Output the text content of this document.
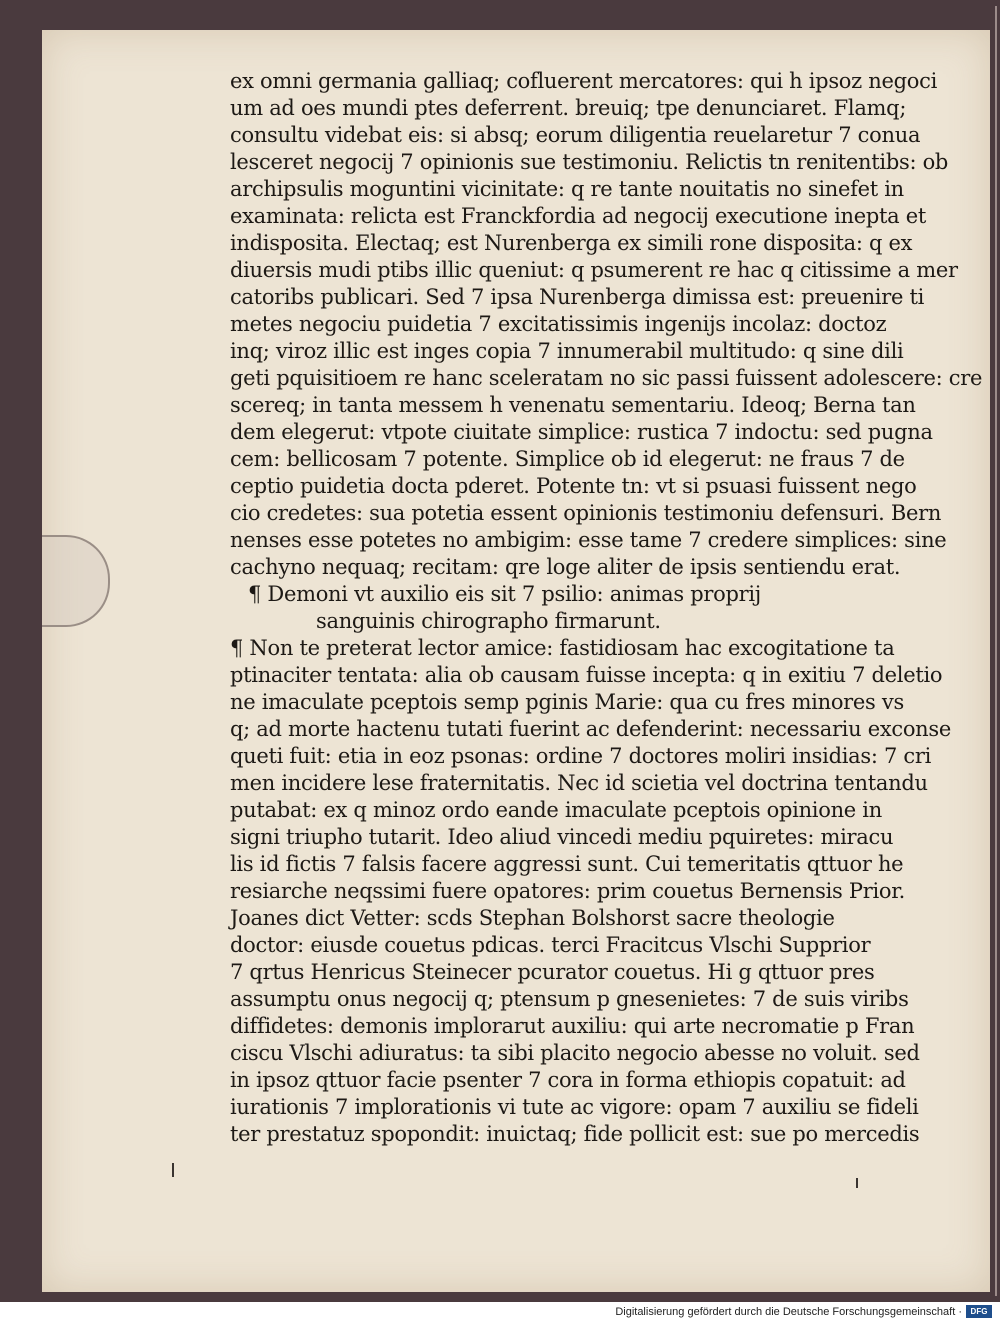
ex omni germania galliaq; cofluerent mercatores: qui h ipsoz negoci
um ad oes mundi ptes deferrent. breuiq; tpe denunciaret. Flamq;
consultu videbat eis: si absq; eorum diligentia reuelaretur 7 conua
lesceret negocij 7 opinionis sue testimoniu. Relictis tn renitentibs: ob
archipsulis moguntini vicinitate: q re tante nouitatis no sinefet in
examinata: relicta est Franckfordia ad negocij executione inepta et
indisposita. Electaq; est Nurenberga ex simili rone disposita: q ex
diuersis mudi ptibs illic queniut: q psumerent re hac q citissime a mer
catoribs publicari. Sed 7 ipsa Nurenberga dimissa est: preuenire ti
metes negociu puidetia 7 excitatissimis ingenijs incolaz: doctoz
inq; viroz illic est inges copia 7 innumerabil multitudo: q sine dili
geti pquisitioem re hanc sceleratam no sic passi fuissent adolescere: cre
scereq; in tanta messem h venenatu sementariu. Ideoq; Berna tan
dem elegerut: vtpote ciuitate simplice: rustica 7 indoctu: sed pugna
cem: bellicosam 7 potente. Simplice ob id elegerut: ne fraus 7 de
ceptio puidetia docta pderet. Potente tn: vt si psuasi fuissent nego
cio credetes: sua potetia essent opinionis testimoniu defensuri. Bern
nenses esse potetes no ambigim: esse tame 7 credere simplices: sine
cachyno nequaq; recitam: qre loge aliter de ipsis sentiendu erat.
¶ Demoni vt auxilio eis sit 7 psilio: animas proprij
sanguinis chirographo firmarunt.
¶ Non te preterat lector amice: fastidiosam hac excogitatione ta
ptinaciter tentata: alia ob causam fuisse incepta: q in exitiu 7 deletio
ne imaculate pceptois semp pginis Marie: qua cu fres minores vs
q; ad morte hactenu tutati fuerint ac defenderint: necessariu exconse
queti fuit: etia in eoz psonas: ordine 7 doctores moliri insidias: 7 cri
men incidere lese fraternitatis. Nec id scietia vel doctrina tentandu
putabat: ex q minoz ordo eande imaculate pceptois opinione in
signi triupho tutarit. Ideo aliud vincedi mediu pquiretes: miracu
lis id fictis 7 falsis facere aggressi sunt. Cui temeritatis qttuor he
resiarche neqssimi fuere opatores: prim couetus Bernensis Prior.
Joanes dict Vetter: scds Stephan Bolshorst sacre theologie
doctor: eiusde couetus pdicas. terci Fracitcus Vlschi Supprior
7 qrtus Henricus Steinecer pcurator couetus. Hi g qttuor pres
assumptu onus negocij q; ptensum p gnesenietes: 7 de suis viribs
diffidetes: demonis implorarut auxiliu: qui arte necromatie p Fran
ciscu Vlschi adiuratus: ta sibi placito negocio abesse no voluit. sed
in ipsoz qttuor facie psenter 7 cora in forma ethiopis copatuit: ad
iurationis 7 implorationis vi tute ac vigore: opam 7 auxiliu se fideli
ter prestatuz spopondit: inuictaq; fide pollicit est: sue po mercedis
Digitalisierung gefördert durch die Deutsche Forschungsgemeinschaft ·	DFG
